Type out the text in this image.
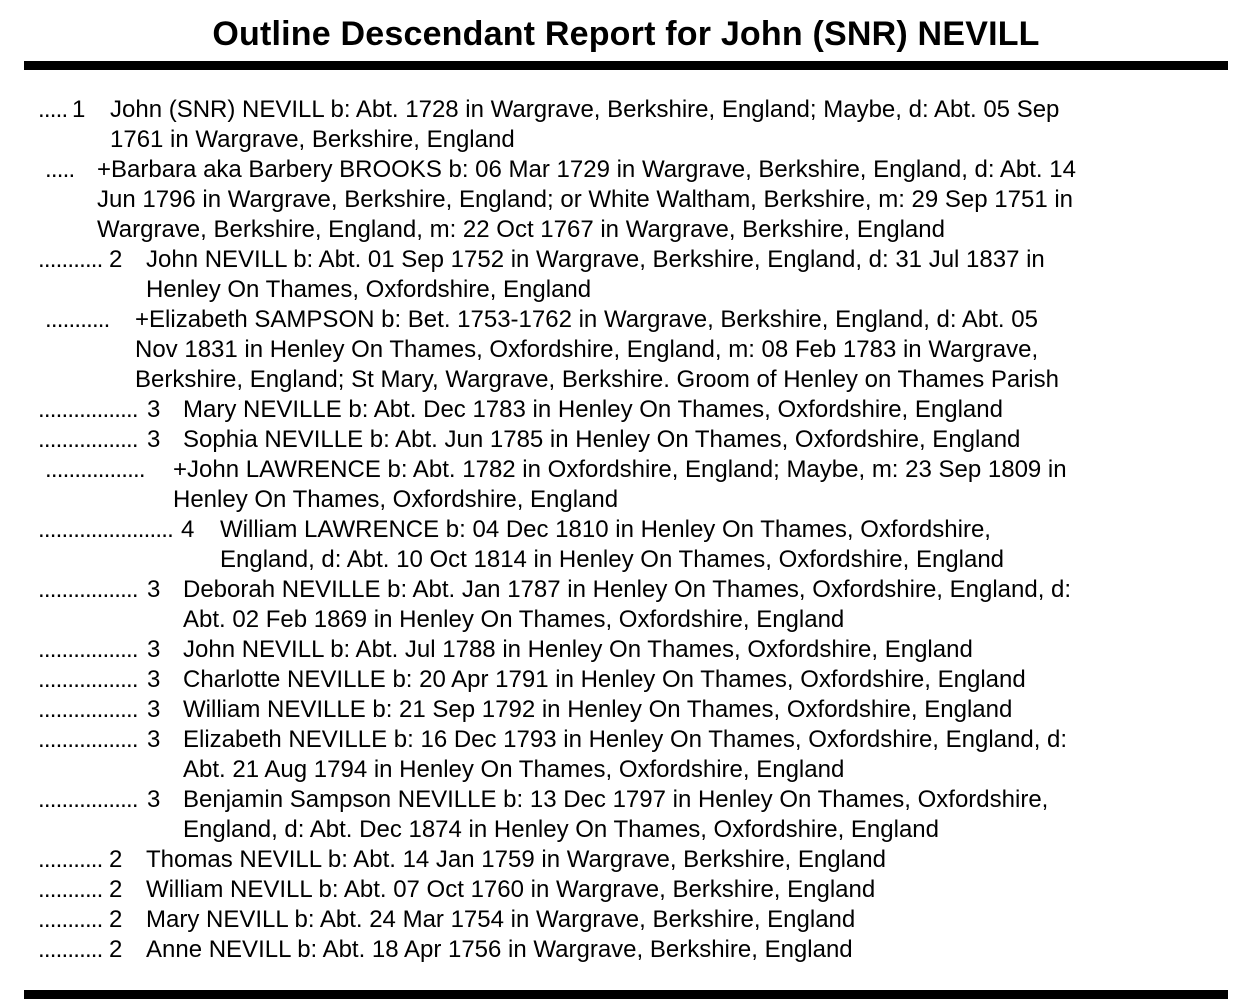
Outline Descendant Report for John (SNR) NEVILL
..... 1 John (SNR) NEVILL b: Abt. 1728 in Wargrave, Berkshire, England; Maybe, d: Abt. 05 Sep
1761 in Wargrave, Berkshire, England
..... +Barbara aka Barbery BROOKS b: 06 Mar 1729 in Wargrave, Berkshire, England, d: Abt. 14
Jun 1796 in Wargrave, Berkshire, England; or White Waltham, Berkshire, m: 29 Sep 1751 in
Wargrave, Berkshire, England, m: 22 Oct 1767 in Wargrave, Berkshire, England
........... 2 John NEVILL b: Abt. 01 Sep 1752 in Wargrave, Berkshire, England, d: 31 Jul 1837 in
Henley On Thames, Oxfordshire, England
........... +Elizabeth SAMPSON b: Bet. 1753-1762 in Wargrave, Berkshire, England, d: Abt. 05
Nov 1831 in Henley On Thames, Oxfordshire, England, m: 08 Feb 1783 in Wargrave,
Berkshire, England; St Mary, Wargrave, Berkshire. Groom of Henley on Thames Parish
................. 3 Mary NEVILLE b: Abt. Dec 1783 in Henley On Thames, Oxfordshire, England
................. 3 Sophia NEVILLE b: Abt. Jun 1785 in Henley On Thames, Oxfordshire, England
................. +John LAWRENCE b: Abt. 1782 in Oxfordshire, England; Maybe, m: 23 Sep 1809 in
Henley On Thames, Oxfordshire, England
....................... 4 William LAWRENCE b: 04 Dec 1810 in Henley On Thames, Oxfordshire,
England, d: Abt. 10 Oct 1814 in Henley On Thames, Oxfordshire, England
................. 3 Deborah NEVILLE b: Abt. Jan 1787 in Henley On Thames, Oxfordshire, England, d:
Abt. 02 Feb 1869 in Henley On Thames, Oxfordshire, England
................. 3 John NEVILL b: Abt. Jul 1788 in Henley On Thames, Oxfordshire, England
................. 3 Charlotte NEVILLE b: 20 Apr 1791 in Henley On Thames, Oxfordshire, England
................. 3 William NEVILLE b: 21 Sep 1792 in Henley On Thames, Oxfordshire, England
................. 3 Elizabeth NEVILLE b: 16 Dec 1793 in Henley On Thames, Oxfordshire, England, d:
Abt. 21 Aug 1794 in Henley On Thames, Oxfordshire, England
................. 3 Benjamin Sampson NEVILLE b: 13 Dec 1797 in Henley On Thames, Oxfordshire,
England, d: Abt. Dec 1874 in Henley On Thames, Oxfordshire, England
........... 2 Thomas NEVILL b: Abt. 14 Jan 1759 in Wargrave, Berkshire, England
........... 2 William NEVILL b: Abt. 07 Oct 1760 in Wargrave, Berkshire, England
........... 2 Mary NEVILL b: Abt. 24 Mar 1754 in Wargrave, Berkshire, England
........... 2 Anne NEVILL b: Abt. 18 Apr 1756 in Wargrave, Berkshire, England
